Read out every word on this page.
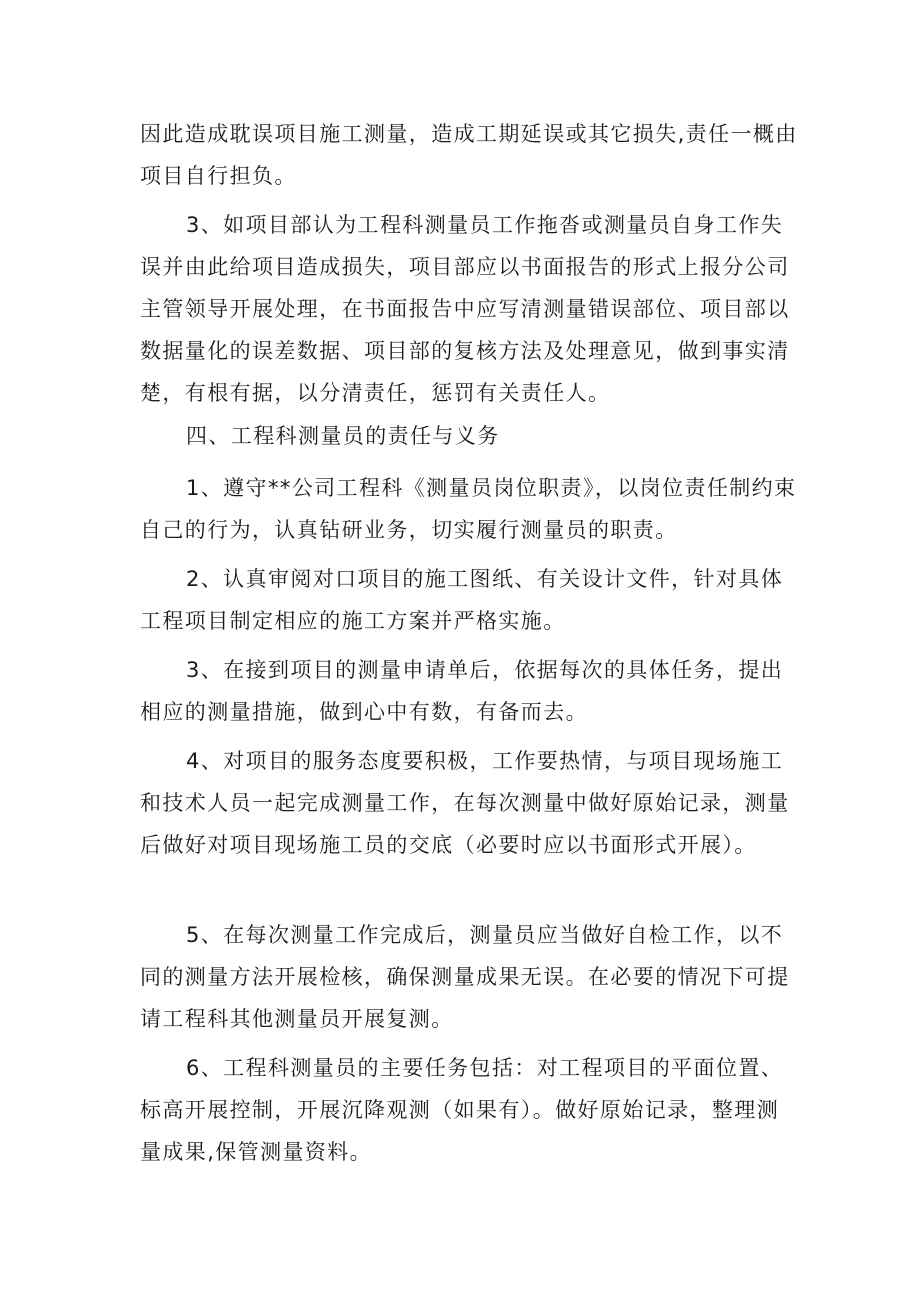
因此造成耽误项目施工测量，造成工期延误或其它损失,责任一概由项目自行担负。

3、如项目部认为工程科测量员工作拖沓或测量员自身工作失误并由此给项目造成损失，项目部应以书面报告的形式上报分公司主管领导开展处理，在书面报告中应写清测量错误部位、项目部以数据量化的误差数据、项目部的复核方法及处理意见，做到事实清楚，有根有据，以分清责任，惩罚有关责任人。

四、工程科测量员的责任与义务

1、遵守**公司工程科《测量员岗位职责》，以岗位责任制约束自己的行为，认真钻研业务，切实履行测量员的职责。

2、认真审阅对口项目的施工图纸、有关设计文件，针对具体工程项目制定相应的施工方案并严格实施。

3、在接到项目的测量申请单后，依据每次的具体任务，提出相应的测量措施，做到心中有数，有备而去。

4、对项目的服务态度要积极，工作要热情，与项目现场施工和技术人员一起完成测量工作，在每次测量中做好原始记录，测量后做好对项目现场施工员的交底（必要时应以书面形式开展）。

5、在每次测量工作完成后，测量员应当做好自检工作，以不同的测量方法开展检核，确保测量成果无误。在必要的情况下可提请工程科其他测量员开展复测。

6、工程科测量员的主要任务包括：对工程项目的平面位置、标高开展控制，开展沉降观测（如果有）。做好原始记录，整理测量成果,保管测量资料。
